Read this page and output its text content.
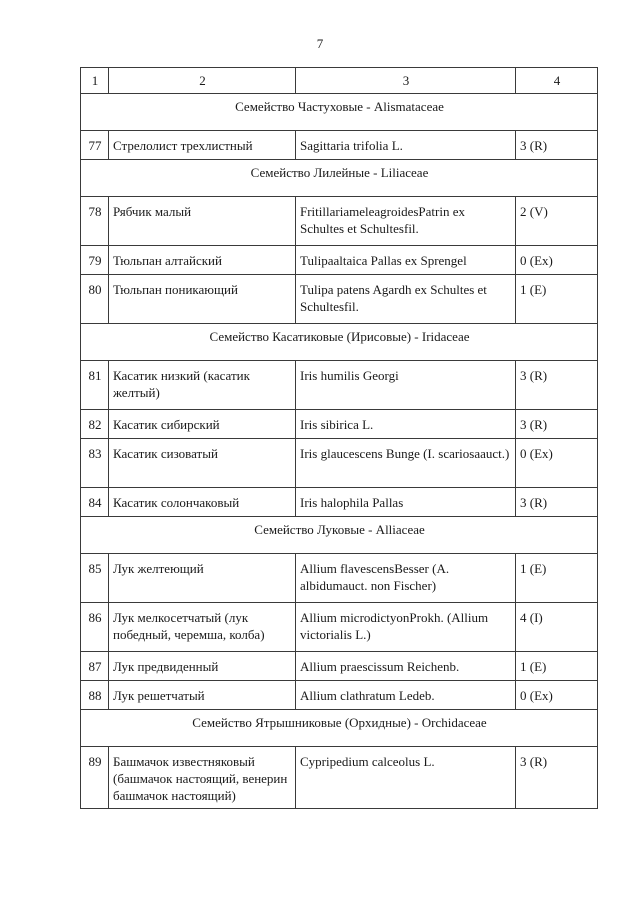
7
1	2	3	4
Семейство Частуховые - Alismataceae			

77	Стрелолист трехлистный	Sagittaria trifolia L.	3 (R)
Семейство Лилейные - Liliaceae			

78	Рябчик малый	FritillariameleagroidesPatrin ex Schultes et Schultesfil.	2 (V)
79	Тюльпан алтайский	Tulipaaltaica Pallas ex Sprengel	0 (Ex)
80	Тюльпан поникающий	Tulipa patens Agardh ex Schultes et Schultesfil.	1 (E)
Семейство Касатиковые (Ирисовые) - Iridaceae			

81	Касатик низкий (касатик желтый)	Iris humilis Georgi	3 (R)
82	Касатик сибирский	Iris sibirica L.	3 (R)
83	Касатик сизоватый	Iris glaucescens Bunge (I. scariosaauct.)	0 (Ex)
84	Касатик солончаковый	Iris halophila Pallas	3 (R)
Семейство Луковые - Alliaceae			

85	Лук желтеющий	Allium flavescensBesser (A. albidumauct. non Fischer)	1 (E)
86	Лук мелкосетчатый (лук победный, черемша, колба)	Allium microdictyonProkh. (Allium victorialis L.)	4 (I)
87	Лук предвиденный	Allium praescissum Reichenb.	1 (E)
88	Лук решетчатый	Allium clathratum Ledeb.	0 (Ex)
Семейство Ятрышниковые (Орхидные) - Orchidaceae			

89	Башмачок известняковый (башмачок настоящий, венерин башмачок настоящий)	Cypripedium calceolus L.	3 (R)
